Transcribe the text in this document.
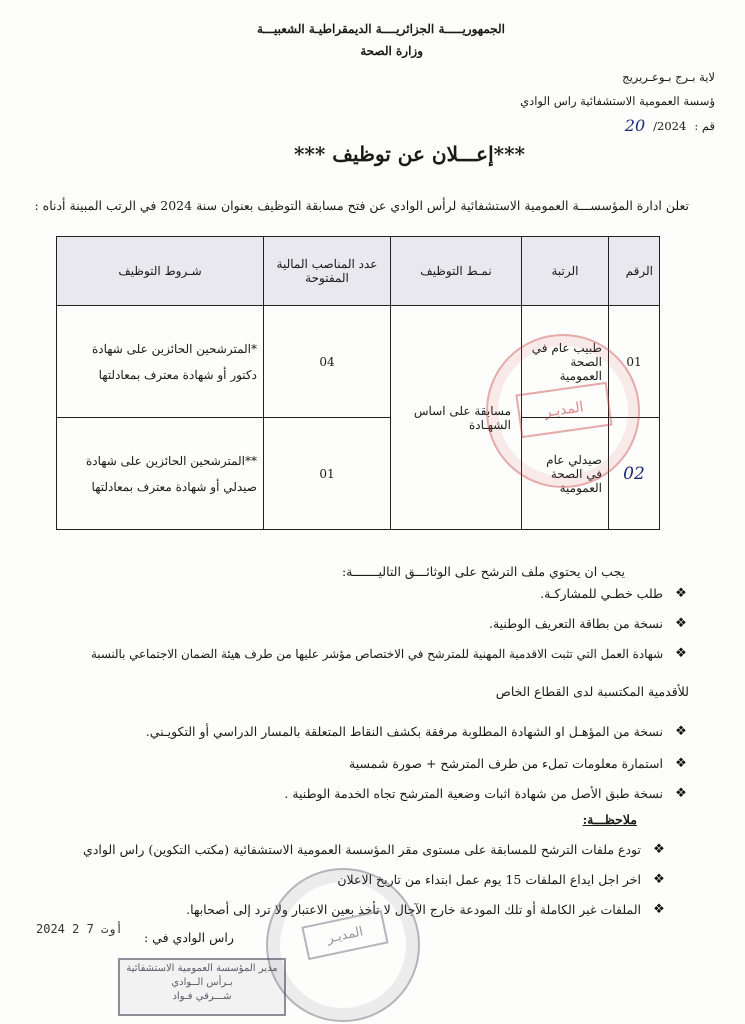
الجمهوريـــــة الجزائريــــة الديمقراطيـة الشعبيـــة
وزارة الصحة
لاية بـرج بـوعـريريج
ؤسسة العمومية الاستشفائية راس الوادي
قم :
2024/
20
***إعـــلان عن توظيف ***
تعلن ادارة المؤسســـة العمومية الاستشفائية لرأس الوادي عن فتح مسابقة التوظيف بعنوان سنة 2024 في الرتب المبينة أدناه :
الرقم	الرتبة	نمـط التوظيف	عدد المناصب المالية المفتوحة	شـروط التوظيف
01	طبيب عام في الصحة العمومية	مسابقة على اساس الشهـادة	04	*المترشحين الحائزين على شهادة دكتور أو شهادة معترف بمعادلتها
02	صيدلي عام في الصحة العمومية		01	**المترشحين الحائزين على شهادة صيدلي أو شهادة معترف بمعادلتها
المديـر
يجب ان يحتوي ملف الترشح على الوثائـــق التاليـــــــة:
❖
طلب خطـي للمشاركـة.
❖
نسخة من بطاقة التعريف الوطنية.
❖
شهادة العمل التي تثبت الاقدمية المهنية للمترشح في الاختصاص مؤشر عليها من طرف هيئة الضمان الاجتماعي بالنسبة
للأقدمية المكتسبة لدى القطاع الخاص
❖
نسخة من المؤهـل او الشهادة المطلوبة مرفقة بكشف النقاط المتعلقة بالمسار الدراسي أو التكويـني.
❖
استمارة معلومات تملء من طرف المترشح + صورة شمسية
❖
نسخة طبق الأصل من شهادة اثبات وضعية المترشح تجاه الخدمة الوطنية .
ملاحظـــة:
❖
تودع ملفات الترشح للمسابقة على مستوى مقر المؤسسة العمومية الاستشفائية (مكتب التكوين) راس الوادي
❖
اخر اجل ايداع الملفات 15 يوم عمل ابتداء من تاريخ الاعلان
❖
الملفات غير الكاملة أو تلك المودعة خارج الآجال لا تأخذ بعين الاعتبار ولا ترد إلى أصحابها.
المديـر
2024 أوت 7 2
راس الوادي في :
مدير المؤسسة العمومية الاستشفائية
بـرأس الــوادي
شـــرقي فـواد
